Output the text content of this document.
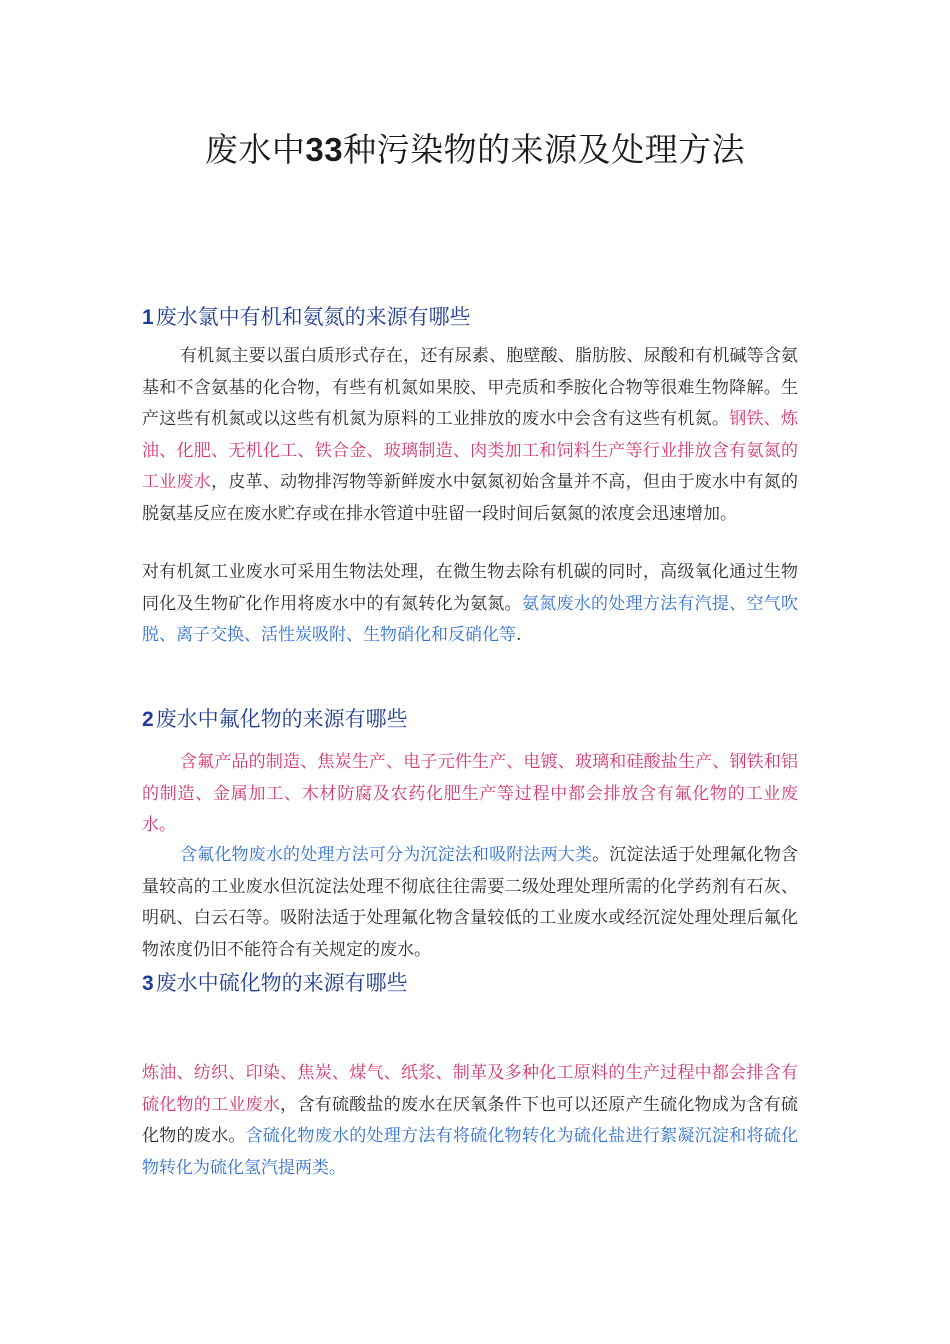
废水中33种污染物的来源及处理方法
1废水氯中有机和氨氮的来源有哪些
有机氮主要以蛋白质形式存在，还有尿素、胞壁酸、脂肪胺、尿酸和有机碱等含氨基和不含氨基的化合物，有些有机氮如果胶、甲壳质和季胺化合物等很难生物降解。生产这些有机氮或以这些有机氮为原料的工业排放的废水中会含有这些有机氮。钢铁、炼油、化肥、无机化工、铁合金、玻璃制造、肉类加工和饲料生产等行业排放含有氨氮的工业废水，皮革、动物排泻物等新鲜废水中氨氮初始含量并不高，但由于废水中有氮的脱氨基反应在废水贮存或在排水管道中驻留一段时间后氨氮的浓度会迅速增加。
对有机氮工业废水可采用生物法处理，在微生物去除有机碳的同时，高级氧化通过生物同化及生物矿化作用将废水中的有氮转化为氨氮。氨氮废水的处理方法有汽提、空气吹脱、离子交换、活性炭吸附、生物硝化和反硝化等.
2废水中氟化物的来源有哪些
含氟产品的制造、焦炭生产、电子元件生产、电镀、玻璃和硅酸盐生产、钢铁和铝的制造、金属加工、木材防腐及农药化肥生产等过程中都会排放含有氟化物的工业废水。
含氟化物废水的处理方法可分为沉淀法和吸附法两大类。沉淀法适于处理氟化物含量较高的工业废水但沉淀法处理不彻底往往需要二级处理处理所需的化学药剂有石灰、明矾、白云石等。吸附法适于处理氟化物含量较低的工业废水或经沉淀处理处理后氟化物浓度仍旧不能符合有关规定的废水。
3废水中硫化物的来源有哪些
炼油、纺织、印染、焦炭、煤气、纸浆、制革及多种化工原料的生产过程中都会排含有硫化物的工业废水，含有硫酸盐的废水在厌氧条件下也可以还原产生硫化物成为含有硫化物的废水。含硫化物废水的处理方法有将硫化物转化为硫化盐进行絮凝沉淀和将硫化物转化为硫化氢汽提两类。
